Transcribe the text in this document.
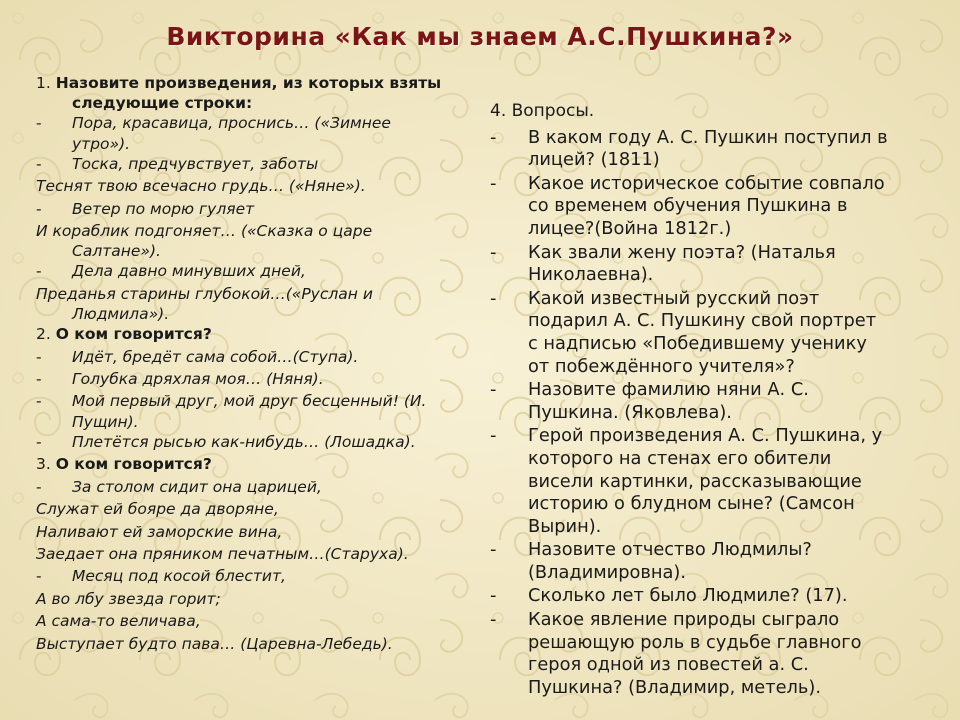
Викторина «Как мы знаем А.С.Пушкина?»
1. Назовите произведения, из которых взяты
следующие строки:
- Пора, красавица, проснись… («Зимнее
утро»).
- Тоска, предчувствует, заботы
Теснят твою всечасно грудь… («Няне»).
- Ветер по морю гуляет
И кораблик подгоняет… («Сказка о царе
Салтане»).
- Дела давно минувших дней,
Преданья старины глубокой…(«Руслан и
Людмила»).
2. О ком говорится?
- Идёт, бредёт сама собой…(Ступа).
- Голубка дряхлая моя… (Няня).
- Мой первый друг, мой друг бесценный! (И.
Пущин).
- Плетётся рысью как-нибудь… (Лошадка).
3. О ком говорится?
- За столом сидит она царицей,
Служат ей бояре да дворяне,
Наливают ей заморские вина,
Заедает она пряником печатным…(Старуха).
- Месяц под косой блестит,
А во лбу звезда горит;
А сама-то величава,
Выступает будто пава… (Царевна-Лебедь).
4. Вопросы.
- В каком году А. С. Пушкин поступил в
лицей? (1811)
- Какое историческое событие совпало
со временем обучения Пушкина в
лицее?(Война 1812г.)
- Как звали жену поэта? (Наталья
Николаевна).
- Какой известный русский поэт
подарил А. С. Пушкину свой портрет
с надписью «Победившему ученику
от побеждённого учителя»?
- Назовите фамилию няни А. С.
Пушкина. (Яковлева).
- Герой произведения А. С. Пушкина, у
которого на стенах его обители
висели картинки, рассказывающие
историю о блудном сыне? (Самсон
Вырин).
- Назовите отчество Людмилы?
(Владимировна).
- Сколько лет было Людмиле? (17).
- Какое явление природы сыграло
решающую роль в судьбе главного
героя одной из повестей а. С.
Пушкина? (Владимир, метель).
